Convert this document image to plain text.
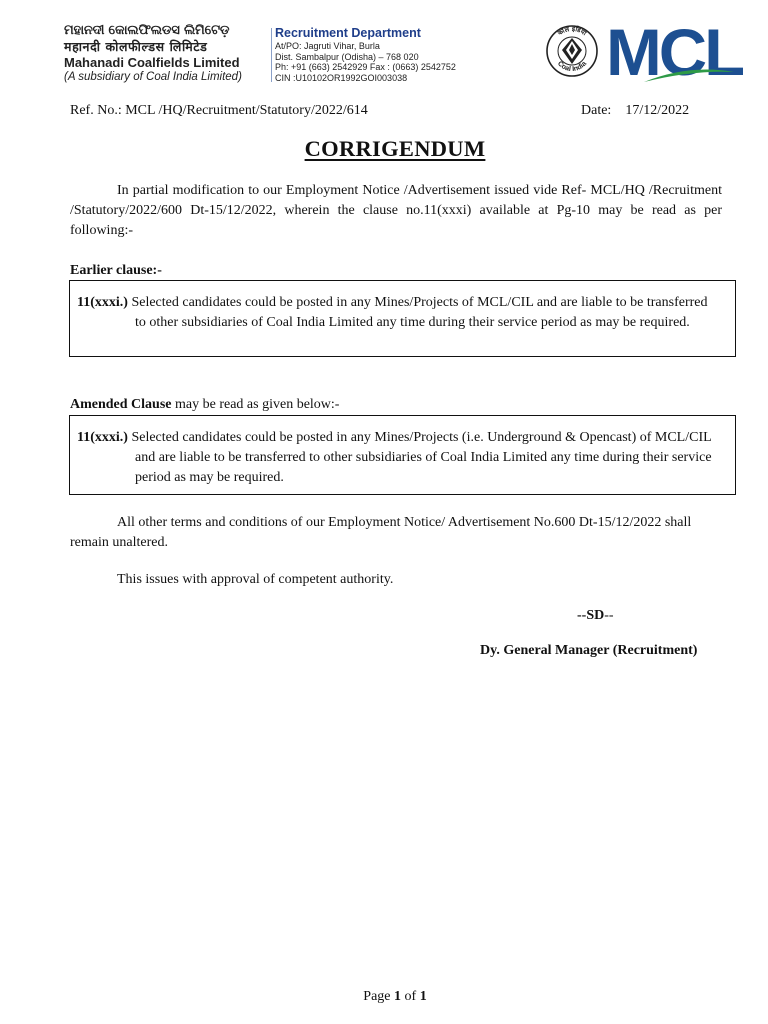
ମହାନଦୀ କୋଲଫିଲଡସ ଲିମିଟେଡ଼
महानदी कोलफील्डस लिमिटेड
Mahanadi Coalfields Limited
(A subsidiary of Coal India Limited)
Recruitment Department
At/PO: Jagruti Vihar, Burla
Dist. Sambalpur (Odisha) – 768 020
Ph: +91 (663) 2542929 Fax : (0663) 2542752
CIN :U10102OR1992GOI003038
कोल इंडिया
Coal India MCL
Ref. No.: MCL /HQ/Recruitment/Statutory/2022/614	Date: 17/12/2022
CORRIGENDUM
In partial modification to our Employment Notice /Advertisement issued vide Ref- MCL/HQ /Recruitment /Statutory/2022/600 Dt-15/12/2022, wherein the clause no.11(xxxi) available at Pg-10 may be read as per following:-
Earlier clause:-
11(xxxi.) Selected candidates could be posted in any Mines/Projects of MCL/CIL and are liable to be transferred to other subsidiaries of Coal India Limited any time during their service period as may be required.
Amended Clause may be read as given below:-
11(xxxi.) Selected candidates could be posted in any Mines/Projects (i.e. Underground & Opencast) of MCL/CIL and are liable to be transferred to other subsidiaries of Coal India Limited any time during their service period as may be required.
All other terms and conditions of our Employment Notice/ Advertisement No.600 Dt-15/12/2022 shall remain unaltered.
This issues with approval of competent authority.
--SD--
Dy. General Manager (Recruitment)
Page 1 of 1
